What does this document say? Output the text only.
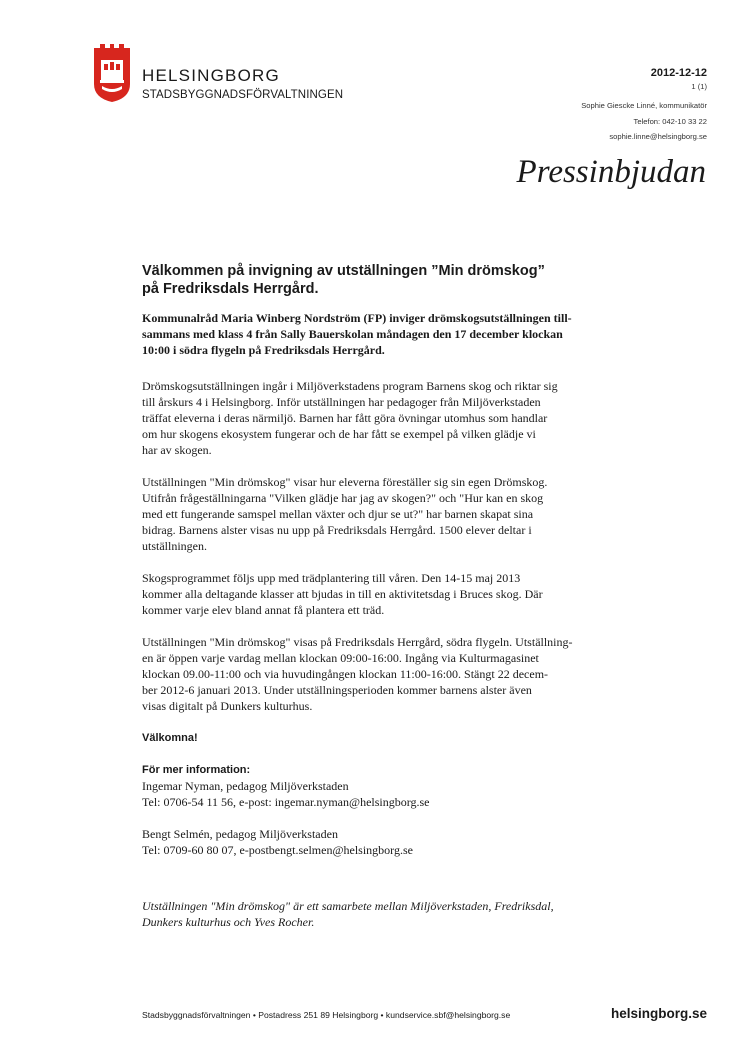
HELSINGBORG
STADSBYGGNADSFÖRVALTNINGEN
2012-12-12
1 (1)
Sophie Giescke Linné, kommunikatör
Telefon: 042-10 33 22
sophie.linne@helsingborg.se
Pressinbjudan
Välkommen på invigning av utställningen ”Min drömskog”
på Fredriksdals Herrgård.
Kommunalråd Maria Winberg Nordström (FP) inviger drömskogsutställningen till-
sammans med klass 4 från Sally Bauerskolan måndagen den 17 december klockan
10:00 i södra flygeln på Fredriksdals Herrgård.
Drömskogsutställningen ingår i Miljöverkstadens program Barnens skog och riktar sig
till årskurs 4 i Helsingborg. Inför utställningen har pedagoger från Miljöverkstaden
träffat eleverna i deras närmiljö. Barnen har fått göra övningar utomhus som handlar
om hur skogens ekosystem fungerar och de har fått se exempel på vilken glädje vi
har av skogen.
Utställningen "Min drömskog" visar hur eleverna föreställer sig sin egen Drömskog.
Utifrån frågeställningarna "Vilken glädje har jag av skogen?" och "Hur kan en skog
med ett fungerande samspel mellan växter och djur se ut?" har barnen skapat sina
bidrag. Barnens alster visas nu upp på Fredriksdals Herrgård. 1500 elever deltar i
utställningen.
Skogsprogrammet följs upp med trädplantering till våren. Den 14-15 maj 2013
kommer alla deltagande klasser att bjudas in till en aktivitetsdag i Bruces skog. Där
kommer varje elev bland annat få plantera ett träd.
Utställningen "Min drömskog" visas på Fredriksdals Herrgård, södra flygeln. Utställning-
en är öppen varje vardag mellan klockan 09:00-16:00. Ingång via Kulturmagasinet
klockan 09.00-11:00 och via huvudingången klockan 11:00-16:00. Stängt 22 decem-
ber 2012-6 januari 2013. Under utställningsperioden kommer barnens alster även
visas digitalt på Dunkers kulturhus.
Välkomna!
För mer information:
Ingemar Nyman, pedagog Miljöverkstaden
Tel: 0706-54 11 56, e-post: ingemar.nyman@helsingborg.se
Bengt Selmén, pedagog Miljöverkstaden
Tel: 0709-60 80 07, e-postbengt.selmen@helsingborg.se
Utställningen "Min drömskog" är ett samarbete mellan Miljöverkstaden, Fredriksdal,
Dunkers kulturhus och Yves Rocher.
Stadsbyggnadsförvaltningen • Postadress 251 89 Helsingborg • kundservice.sbf@helsingborg.se	helsingborg.se
